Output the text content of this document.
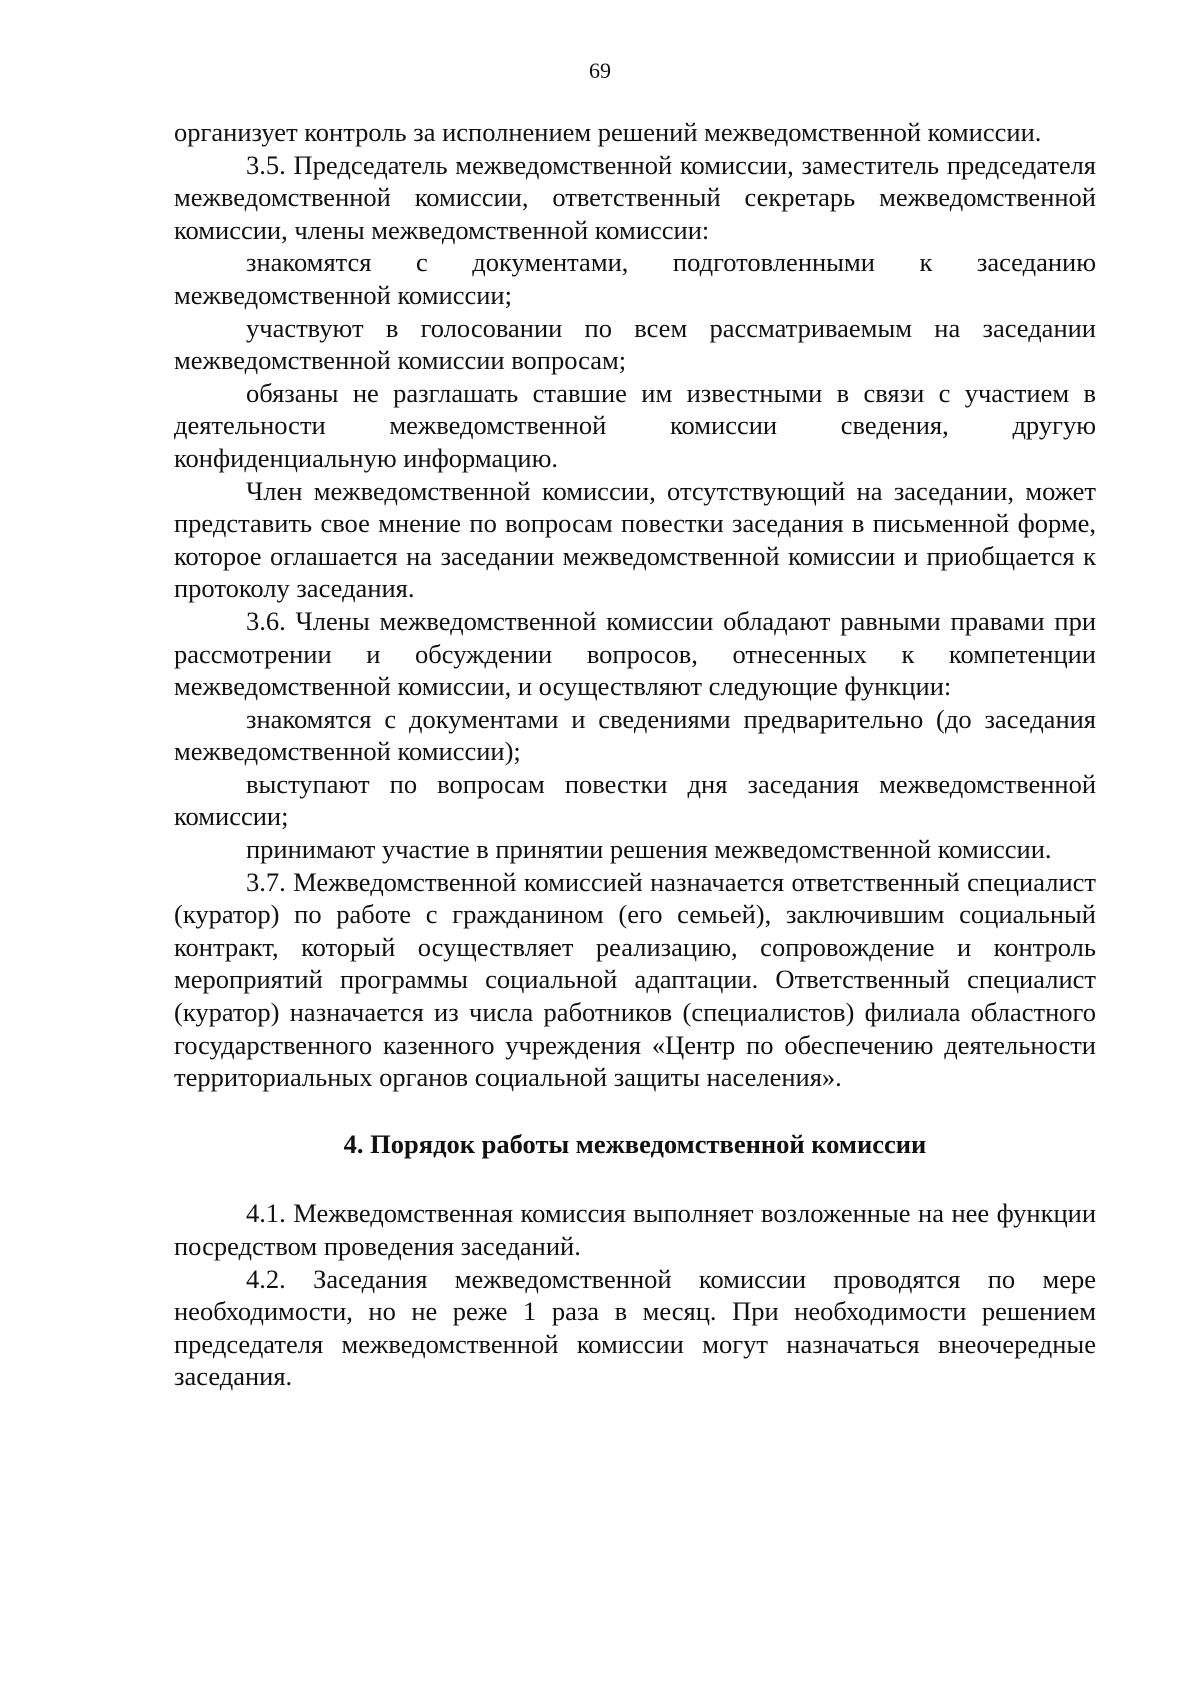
69

организует контроль за исполнением решений межведомственной комиссии.

3.5. Председатель межведомственной комиссии, заместитель председателя межведомственной комиссии, ответственный секретарь межведомственной комиссии, члены межведомственной комиссии:

знакомятся с документами, подготовленными к заседанию межведомственной комиссии;

участвуют в голосовании по всем рассматриваемым на заседании межведомственной комиссии вопросам;

обязаны не разглашать ставшие им известными в связи с участием в деятельности межведомственной комиссии сведения, другую конфиденциальную информацию.

Член межведомственной комиссии, отсутствующий на заседании, может представить свое мнение по вопросам повестки заседания в письменной форме, которое оглашается на заседании межведомственной комиссии и приобщается к протоколу заседания.

3.6. Члены межведомственной комиссии обладают равными правами при рассмотрении и обсуждении вопросов, отнесенных к компетенции межведомственной комиссии, и осуществляют следующие функции:

знакомятся с документами и сведениями предварительно (до заседания межведомственной комиссии);

выступают по вопросам повестки дня заседания межведомственной комиссии;

принимают участие в принятии решения межведомственной комиссии.

3.7. Межведомственной комиссией назначается ответственный специалист (куратор) по работе с гражданином (его семьей), заключившим социальный контракт, который осуществляет реализацию, сопровождение и контроль мероприятий программы социальной адаптации. Ответственный специалист (куратор) назначается из числа работников (специалистов) филиала областного государственного казенного учреждения «Центр по обеспечению деятельности территориальных органов социальной защиты населения».

4. Порядок работы межведомственной комиссии

4.1. Межведомственная комиссия выполняет возложенные на нее функции посредством проведения заседаний.

4.2. Заседания межведомственной комиссии проводятся по мере необходимости, но не реже 1 раза в месяц. При необходимости решением председателя межведомственной комиссии могут назначаться внеочередные заседания.
